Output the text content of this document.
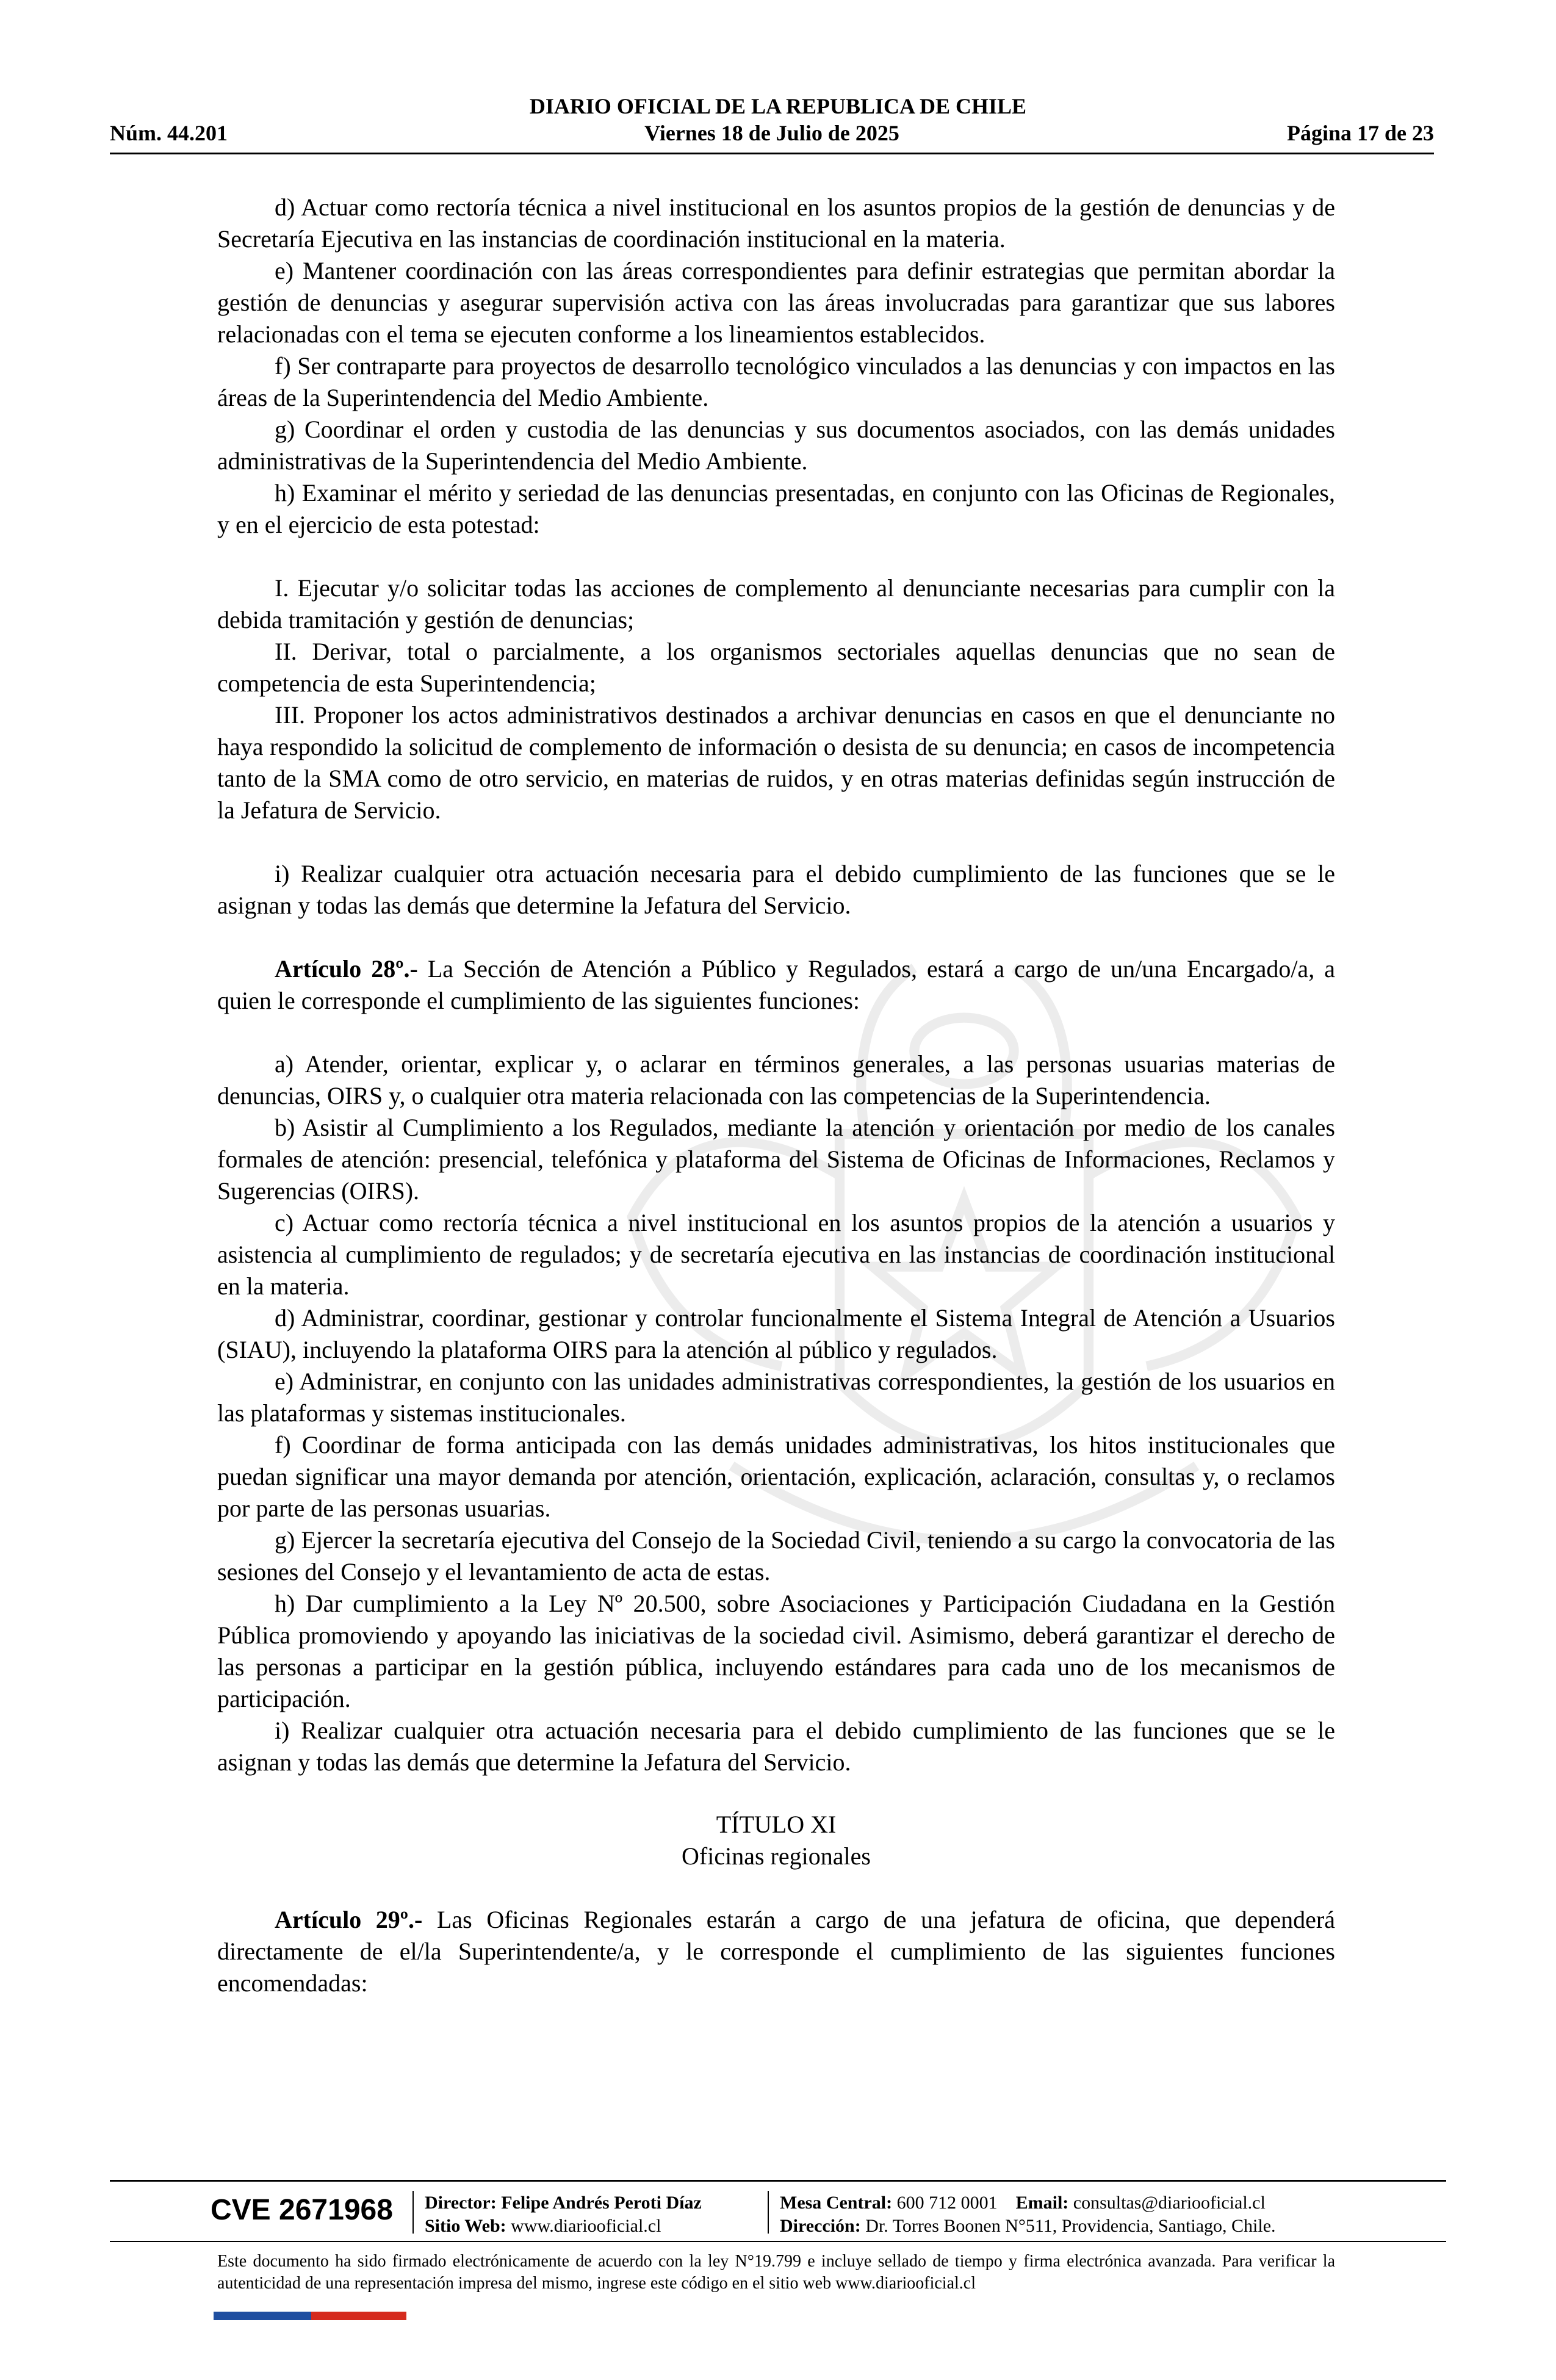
DIARIO OFICIAL DE LA REPUBLICA DE CHILE
Viernes 18 de Julio de 2025
Núm. 44.201	Página 17 de 23

d) Actuar como rectoría técnica a nivel institucional en los asuntos propios de la gestión de denuncias y de Secretaría Ejecutiva en las instancias de coordinación institucional en la materia.

e) Mantener coordinación con las áreas correspondientes para definir estrategias que permitan abordar la gestión de denuncias y asegurar supervisión activa con las áreas involucradas para garantizar que sus labores relacionadas con el tema se ejecuten conforme a los lineamientos establecidos.

f) Ser contraparte para proyectos de desarrollo tecnológico vinculados a las denuncias y con impactos en las áreas de la Superintendencia del Medio Ambiente.

g) Coordinar el orden y custodia de las denuncias y sus documentos asociados, con las demás unidades administrativas de la Superintendencia del Medio Ambiente.

h) Examinar el mérito y seriedad de las denuncias presentadas, en conjunto con las Oficinas de Regionales, y en el ejercicio de esta potestad:

I. Ejecutar y/o solicitar todas las acciones de complemento al denunciante necesarias para cumplir con la debida tramitación y gestión de denuncias;

II. Derivar, total o parcialmente, a los organismos sectoriales aquellas denuncias que no sean de competencia de esta Superintendencia;

III. Proponer los actos administrativos destinados a archivar denuncias en casos en que el denunciante no haya respondido la solicitud de complemento de información o desista de su denuncia; en casos de incompetencia tanto de la SMA como de otro servicio, en materias de ruidos, y en otras materias definidas según instrucción de la Jefatura de Servicio.

i) Realizar cualquier otra actuación necesaria para el debido cumplimiento de las funciones que se le asignan y todas las demás que determine la Jefatura del Servicio.

Artículo 28º.- La Sección de Atención a Público y Regulados, estará a cargo de un/una Encargado/a, a quien le corresponde el cumplimiento de las siguientes funciones:

a) Atender, orientar, explicar y, o aclarar en términos generales, a las personas usuarias materias de denuncias, OIRS y, o cualquier otra materia relacionada con las competencias de la Superintendencia.

b) Asistir al Cumplimiento a los Regulados, mediante la atención y orientación por medio de los canales formales de atención: presencial, telefónica y plataforma del Sistema de Oficinas de Informaciones, Reclamos y Sugerencias (OIRS).

c) Actuar como rectoría técnica a nivel institucional en los asuntos propios de la atención a usuarios y asistencia al cumplimiento de regulados; y de secretaría ejecutiva en las instancias de coordinación institucional en la materia.

d) Administrar, coordinar, gestionar y controlar funcionalmente el Sistema Integral de Atención a Usuarios (SIAU), incluyendo la plataforma OIRS para la atención al público y regulados.

e) Administrar, en conjunto con las unidades administrativas correspondientes, la gestión de los usuarios en las plataformas y sistemas institucionales.

f) Coordinar de forma anticipada con las demás unidades administrativas, los hitos institucionales que puedan significar una mayor demanda por atención, orientación, explicación, aclaración, consultas y, o reclamos por parte de las personas usuarias.

g) Ejercer la secretaría ejecutiva del Consejo de la Sociedad Civil, teniendo a su cargo la convocatoria de las sesiones del Consejo y el levantamiento de acta de estas.

h) Dar cumplimiento a la Ley Nº 20.500, sobre Asociaciones y Participación Ciudadana en la Gestión Pública promoviendo y apoyando las iniciativas de la sociedad civil. Asimismo, deberá garantizar el derecho de las personas a participar en la gestión pública, incluyendo estándares para cada uno de los mecanismos de participación.

i) Realizar cualquier otra actuación necesaria para el debido cumplimiento de las funciones que se le asignan y todas las demás que determine la Jefatura del Servicio.

TÍTULO XI

Oficinas regionales

Artículo 29º.- Las Oficinas Regionales estarán a cargo de una jefatura de oficina, que dependerá directamente de el/la Superintendente/a, y le corresponde el cumplimiento de las siguientes funciones encomendadas:

CVE 2671968 Director: Felipe Andrés Peroti Díaz
Sitio Web: www.diariooficial.cl
Mesa Central: 600 712 0001 Email: consultas@diariooficial.cl
Dirección: Dr. Torres Boonen N°511, Providencia, Santiago, Chile.
Este documento ha sido firmado electrónicamente de acuerdo con la ley N°19.799 e incluye sellado de tiempo y firma electrónica avanzada. Para verificar la autenticidad de una representación impresa del mismo, ingrese este código en el sitio web www.diariooficial.cl
